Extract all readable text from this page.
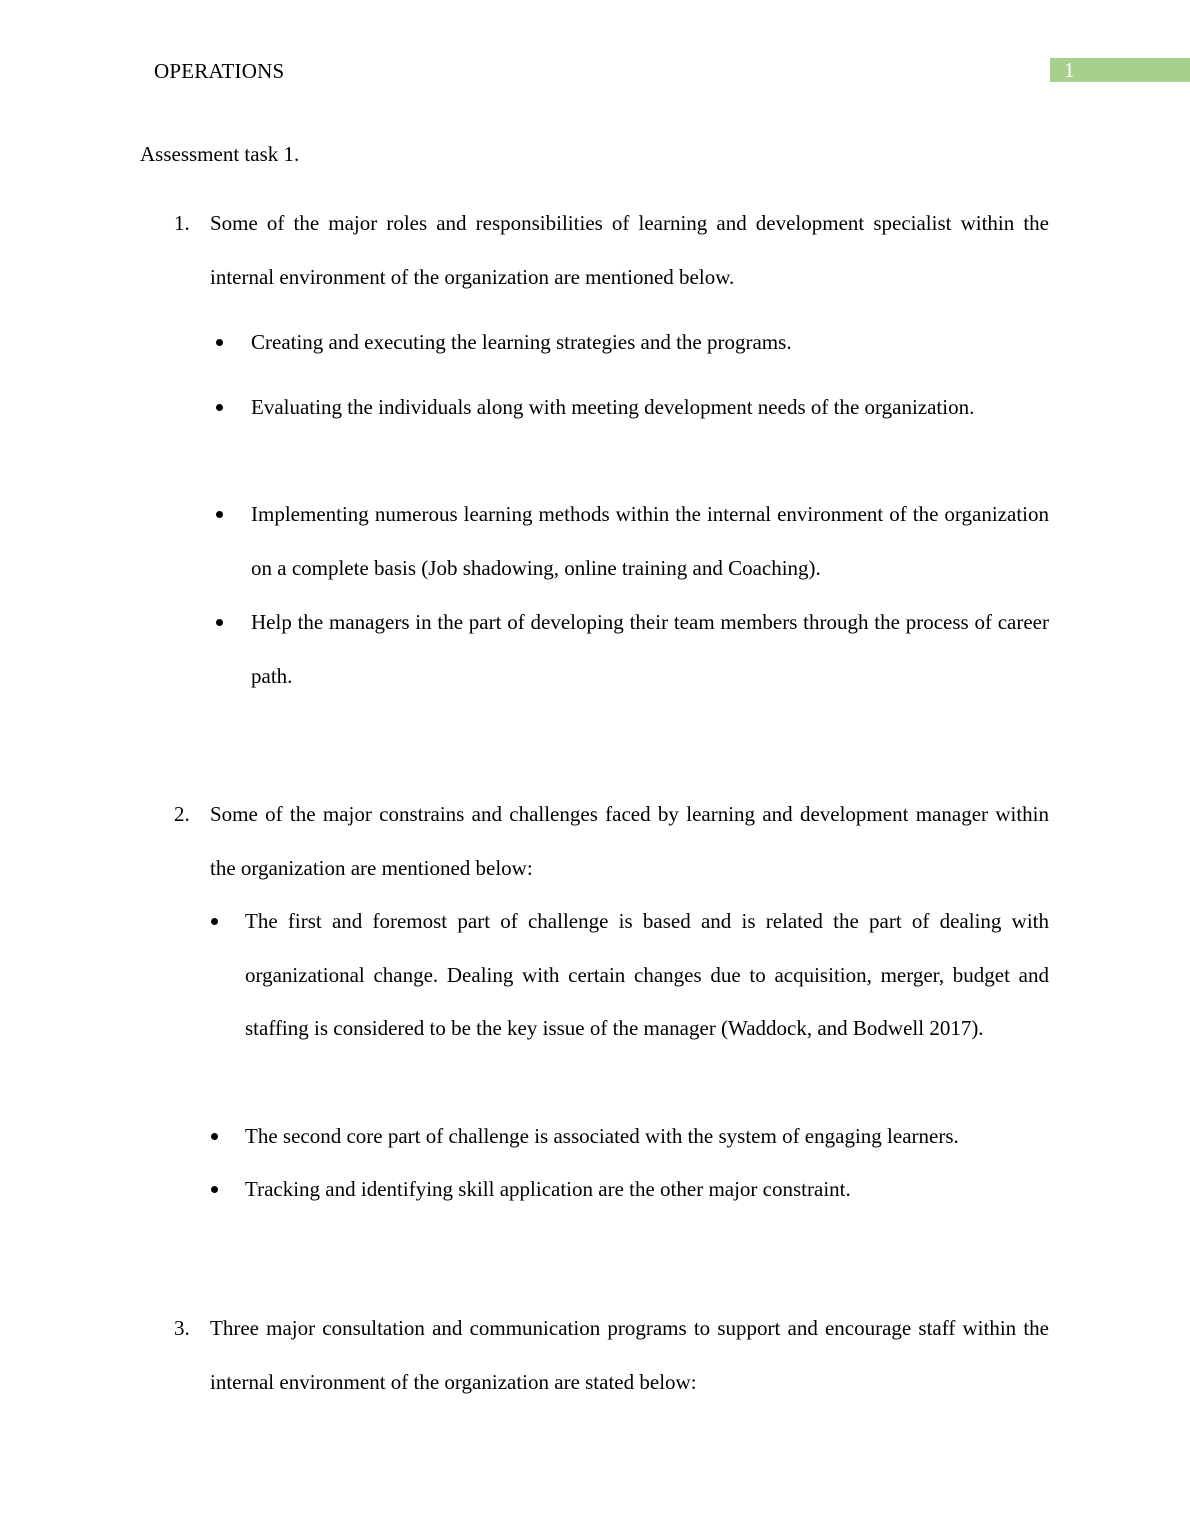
OPERATIONS	1
Assessment task 1.
1. Some of the major roles and responsibilities of learning and development specialist within the internal environment of the organization are mentioned below.
Creating and executing the learning strategies and the programs.
Evaluating the individuals along with meeting development needs of the organization.
Implementing numerous learning methods within the internal environment of the organization on a complete basis (Job shadowing, online training and Coaching).
Help the managers in the part of developing their team members through the process of career path.
2. Some of the major constrains and challenges faced by learning and development manager within the organization are mentioned below:
The first and foremost part of challenge is based and is related the part of dealing with organizational change. Dealing with certain changes due to acquisition, merger, budget and staffing is considered to be the key issue of the manager (Waddock, and Bodwell 2017).
The second core part of challenge is associated with the system of engaging learners.
Tracking and identifying skill application are the other major constraint.
3. Three major consultation and communication programs to support and encourage staff within the internal environment of the organization are stated below:
